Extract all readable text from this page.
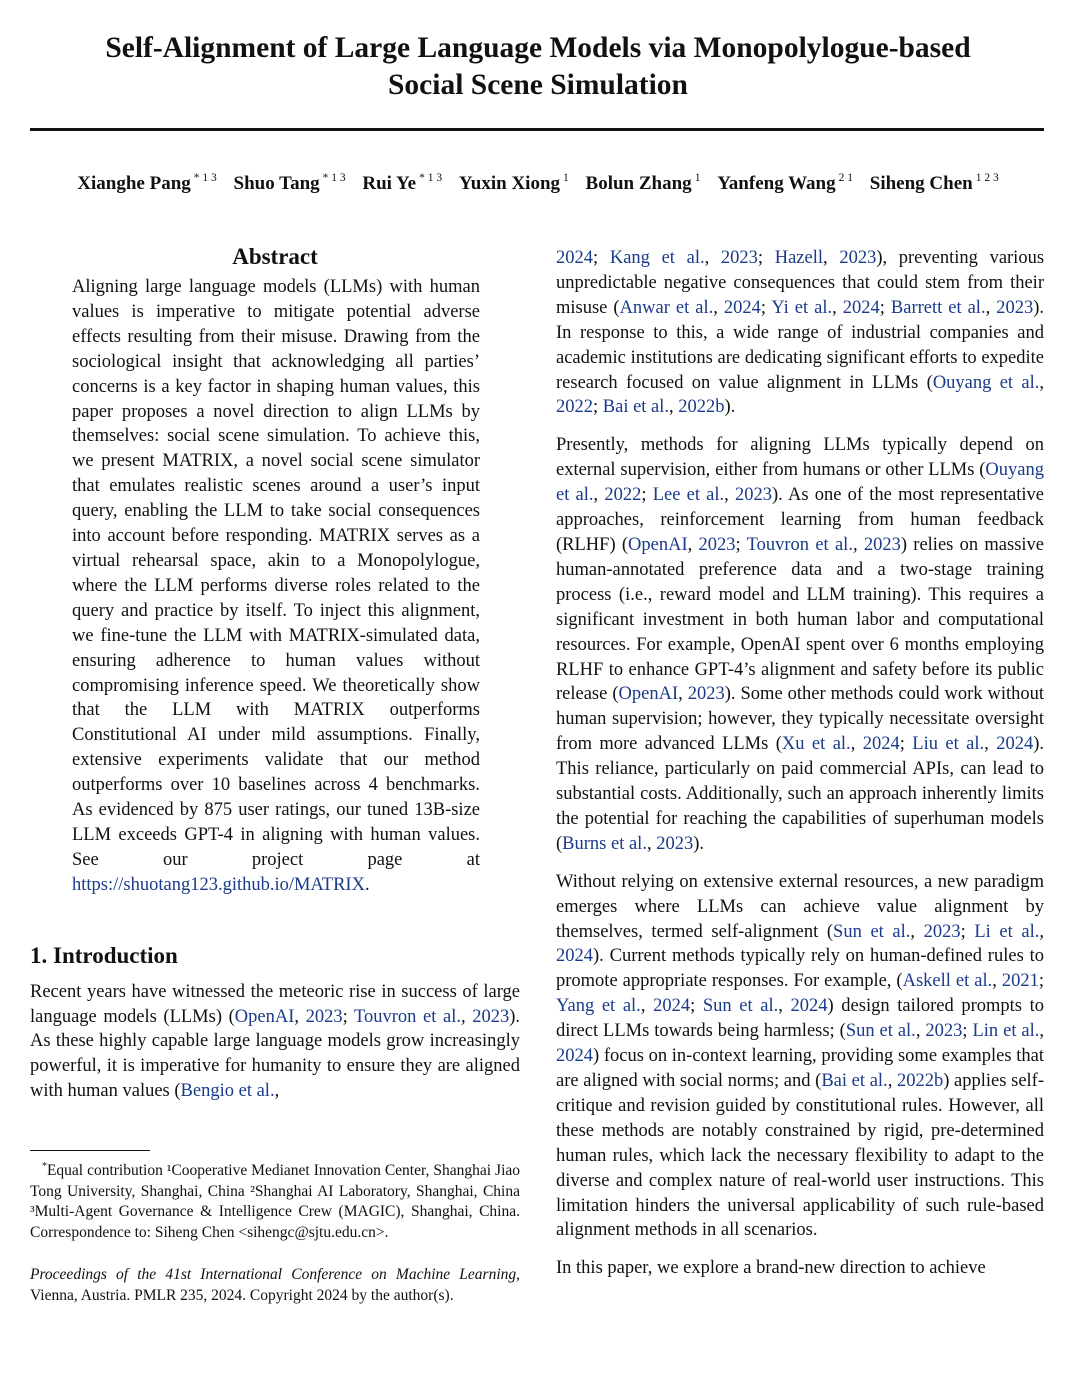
Self-Alignment of Large Language Models via Monopolylogue-based
Social Scene Simulation
Xianghe Pang $^{* 1 3}$ Shuo Tang $^{* 1 3}$ Rui Ye $^{* 1 3}$ Yuxin Xiong $^1$ Bolun Zhang $^1$ Yanfeng Wang $^{2 1}$ Siheng Chen $^{1 2 3}$
Abstract
Aligning large language models (LLMs) with human values is imperative to mitigate potential adverse effects resulting from their misuse. Drawing from the sociological insight that acknowledging all parties’ concerns is a key factor in shaping human values, this paper proposes a novel direction to align LLMs by themselves: social scene simulation. To achieve this, we present MATRIX, a novel social scene simulator that emulates realistic scenes around a user’s input query, enabling the LLM to take social consequences into account before responding. MATRIX serves as a virtual rehearsal space, akin to a Monopolylogue, where the LLM performs diverse roles related to the query and practice by itself. To inject this alignment, we fine-tune the LLM with MATRIX-simulated data, ensuring adherence to human values without compromising inference speed. We theoretically show that the LLM with MATRIX outperforms Constitutional AI under mild assumptions. Finally, extensive experiments validate that our method outperforms over 10 baselines across 4 benchmarks. As evidenced by 875 user ratings, our tuned 13B-size LLM exceeds GPT-4 in aligning with human values. See our project page at https://shuotang123.github.io/MATRIX.
1. Introduction

Recent years have witnessed the meteoric rise in success of large language models (LLMs) (OpenAI, 2023; Touvron et al., 2023). As these highly capable large language models grow increasingly powerful, it is imperative for humanity to ensure they are aligned with human values (Bengio et al.,

*Equal contribution ¹Cooperative Medianet Innovation Center, Shanghai Jiao Tong University, Shanghai, China ²Shanghai AI Laboratory, Shanghai, China ³Multi-Agent Governance & Intelligence Crew (MAGIC), Shanghai, China. Correspondence to: Siheng Chen <sihengc@sjtu.edu.cn>.

Proceedings of the 41st International Conference on Machine Learning, Vienna, Austria. PMLR 235, 2024. Copyright 2024 by the author(s).

2024; Kang et al., 2023; Hazell, 2023), preventing various unpredictable negative consequences that could stem from their misuse (Anwar et al., 2024; Yi et al., 2024; Barrett et al., 2023). In response to this, a wide range of industrial companies and academic institutions are dedicating significant efforts to expedite research focused on value alignment in LLMs (Ouyang et al., 2022; Bai et al., 2022b).

Presently, methods for aligning LLMs typically depend on external supervision, either from humans or other LLMs (Ouyang et al., 2022; Lee et al., 2023). As one of the most representative approaches, reinforcement learning from human feedback (RLHF) (OpenAI, 2023; Touvron et al., 2023) relies on massive human-annotated preference data and a two-stage training process (i.e., reward model and LLM training). This requires a significant investment in both human labor and computational resources. For example, OpenAI spent over 6 months employing RLHF to enhance GPT-4’s alignment and safety before its public release (OpenAI, 2023). Some other methods could work without human supervision; however, they typically necessitate oversight from more advanced LLMs (Xu et al., 2024; Liu et al., 2024). This reliance, particularly on paid commercial APIs, can lead to substantial costs. Additionally, such an approach inherently limits the potential for reaching the capabilities of superhuman models (Burns et al., 2023).

Without relying on extensive external resources, a new paradigm emerges where LLMs can achieve value alignment by themselves, termed self-alignment (Sun et al., 2023; Li et al., 2024). Current methods typically rely on human-defined rules to promote appropriate responses. For example, (Askell et al., 2021; Yang et al., 2024; Sun et al., 2024) design tailored prompts to direct LLMs towards being harmless; (Sun et al., 2023; Lin et al., 2024) focus on in-context learning, providing some examples that are aligned with social norms; and (Bai et al., 2022b) applies self-critique and revision guided by constitutional rules. However, all these methods are notably constrained by rigid, pre-determined human rules, which lack the necessary flexibility to adapt to the diverse and complex nature of real-world user instructions. This limitation hinders the universal applicability of such rule-based alignment methods in all scenarios.

In this paper, we explore a brand-new direction to achieve
